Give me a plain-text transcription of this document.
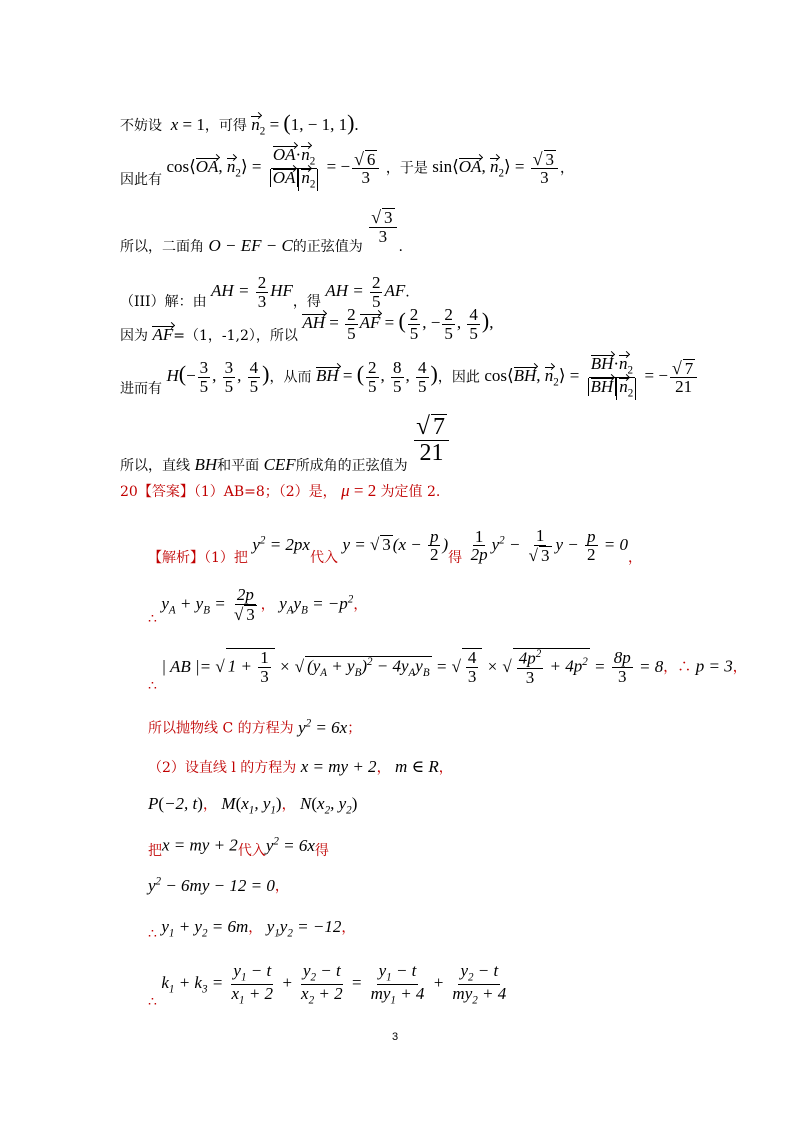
不妨设  x = 1，可得 $n_2 = (1$, − 1, 1).
因此有 cos⟨OA, $n_2⟩ = \frac{OA\cdot n_2}{OA n_2}$ = − $\frac{√ 6}{3}$ ，于是 sin⟨OA, $n_2⟩ = \frac{√ 3}{3}$ ，
所以，二面角 O − EF − C的正弦值为
$\frac{√ 3}{3}$
.
（III）解：由 AH = $\frac{2}{3}$ HF，得 AH = $\frac{2}{5}$ AF.
因为 AF=（1，-1,2），所以 AH = $\frac{2}{5}$ AF = ( $\frac{2}{5}$ , − $\frac{2}{5}$ , $\frac{4}{5}$ ),
进而有 $H(- \frac{3}{5}$ , $\frac{3}{5}$ , $\frac{4}{5}$ )，从而 BH = ( $\frac{2}{5}$ , $\frac{8}{5}$ , $\frac{4}{5}$ )，因此 cos⟨BH, $n_2⟩ = \frac{BH\cdot n_2}{BH n_2}$ = − $\frac{√ 7}{21}$
所以，直线 BH和平面 CEF所成角的正弦值为 $\frac{√ 7}{21}$
20【答案】（1）AB=8；（2）是， μ = 2 为定值 2.
【解析】（1）把 $y^2 = 2px$代入 y = √ 3 ($x - \frac{p}{2}$ )得 $\frac{1}{2p} y^2 - \frac{1}{√ 3}$ $y - \frac{p}{2} = 0$，
∴ $y_A + y_B = \frac{2p}{√ 3}$ ， $y_Ay_B = -p^2$，
∴ | AB |= √ $1 + \frac{1}{3}$ × √ $(y_A + y_B)^2 - 4y_Ay_B$ = √ $\frac{4}{3}$ × √ $\frac{4p^2}{3} + 4p^2 = \frac{8p}{3} = 8$，∴ p = 3，
所以抛物线 C 的方程为 $y^2 = 6x$；
（2）设直线 l 的方程为 x = my + 2， m ∈ R，
P(−2, t)， $M(x_1$, $y_1$)， $N(x_2$, $y_2$)
把x = my + 2代入$y^2 = 6x$得
$y^2 - 6my - 12 = 0$，
∴ $y_1 + y_2 = 6m$， $y_1y_2 = -12$，
∴ $k_1 + k_3 = \frac{y_1 - t}{x_1 + 2} + \frac{y_2 - t}{x_2 + 2} = \frac{y_1 - t}{my_1 + 4} + \frac{y_2 - t}{my_2 + 4}$
3
